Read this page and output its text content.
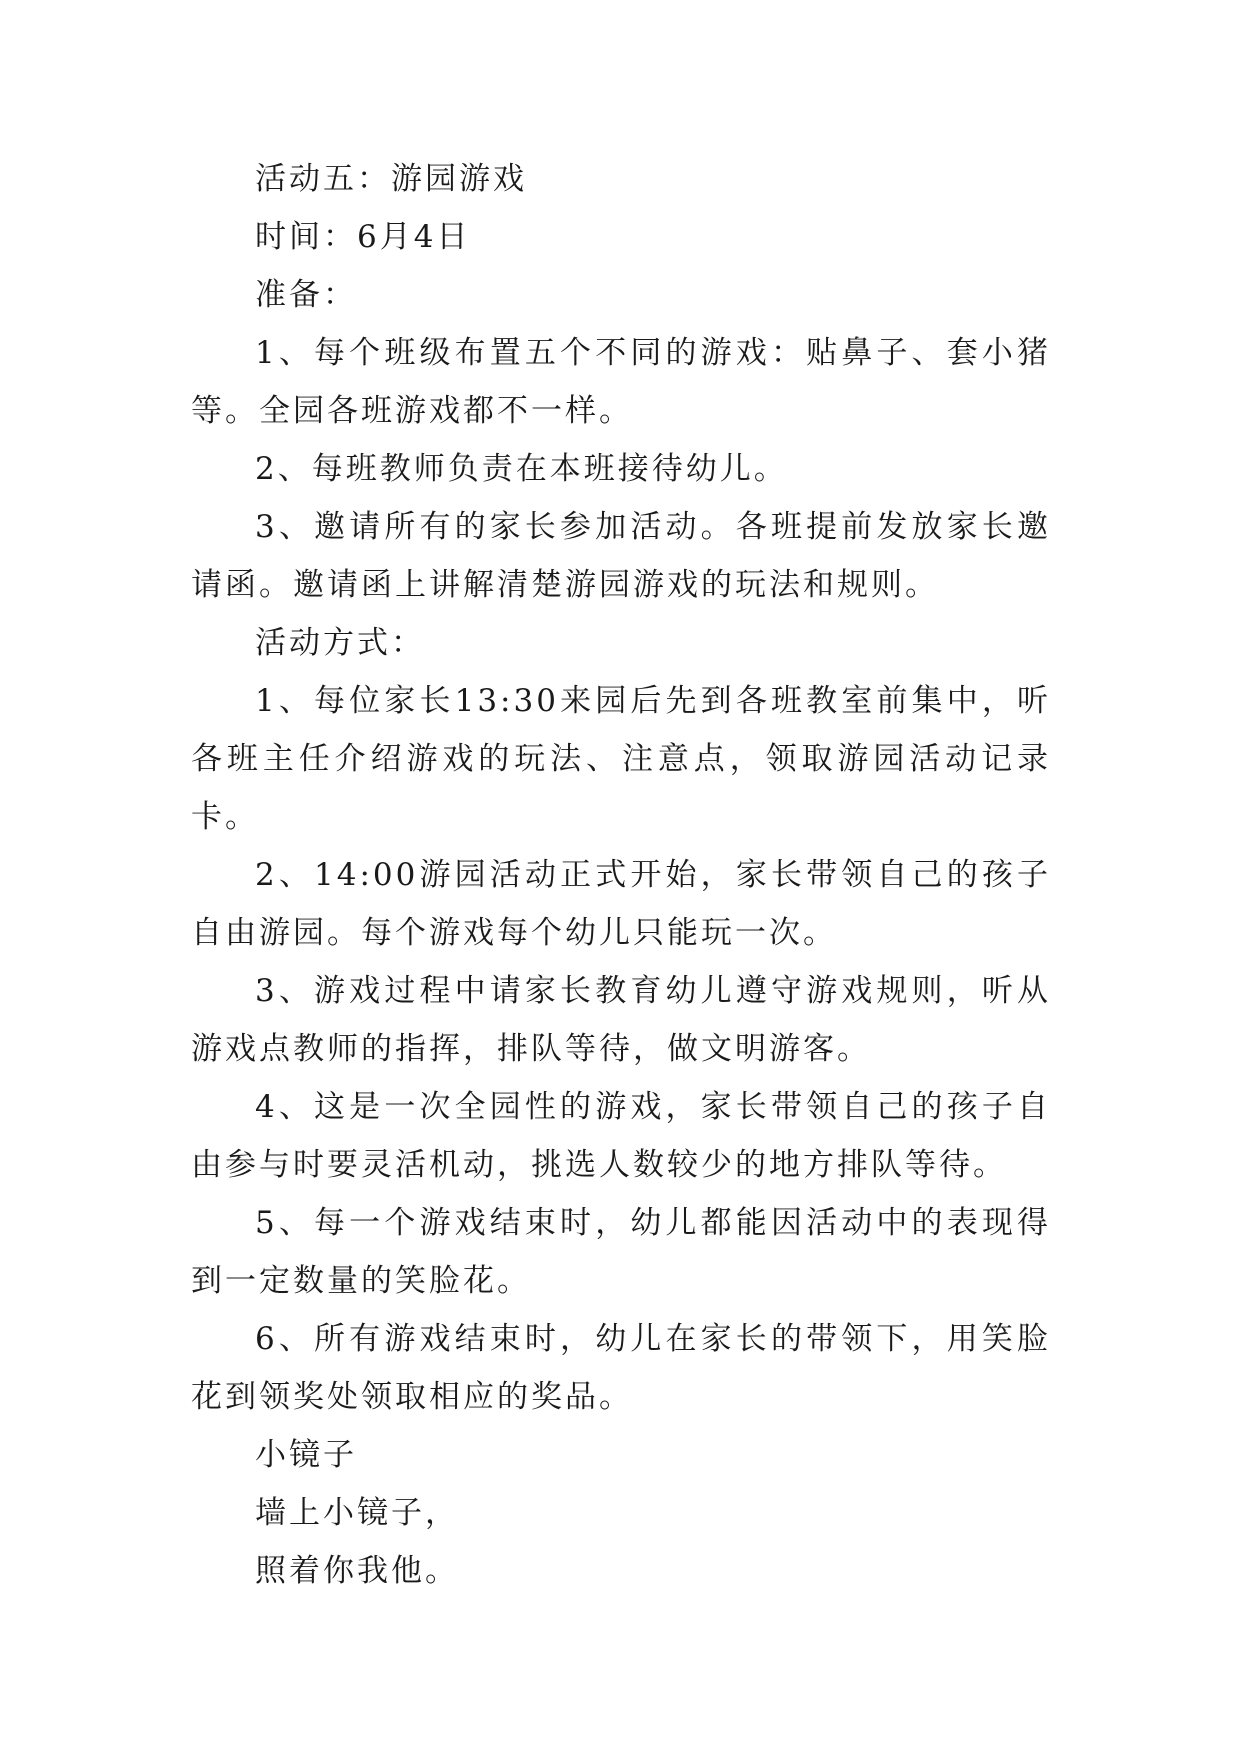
活动五：游园游戏

时间：6月4日

准备：

1、每个班级布置五个不同的游戏：贴鼻子、套小猪等。全园各班游戏都不一样。

2、每班教师负责在本班接待幼儿。

3、邀请所有的家长参加活动。各班提前发放家长邀请函。邀请函上讲解清楚游园游戏的玩法和规则。

活动方式：

1、每位家长13:30来园后先到各班教室前集中，听各班主任介绍游戏的玩法、注意点，领取游园活动记录卡。

2、14:00游园活动正式开始，家长带领自己的孩子自由游园。每个游戏每个幼儿只能玩一次。

3、游戏过程中请家长教育幼儿遵守游戏规则，听从游戏点教师的指挥，排队等待，做文明游客。

4、这是一次全园性的游戏，家长带领自己的孩子自由参与时要灵活机动，挑选人数较少的地方排队等待。

5、每一个游戏结束时，幼儿都能因活动中的表现得到一定数量的笑脸花。

6、所有游戏结束时，幼儿在家长的带领下，用笑脸花到领奖处领取相应的奖品。

小镜子

墙上小镜子，

照着你我他。
